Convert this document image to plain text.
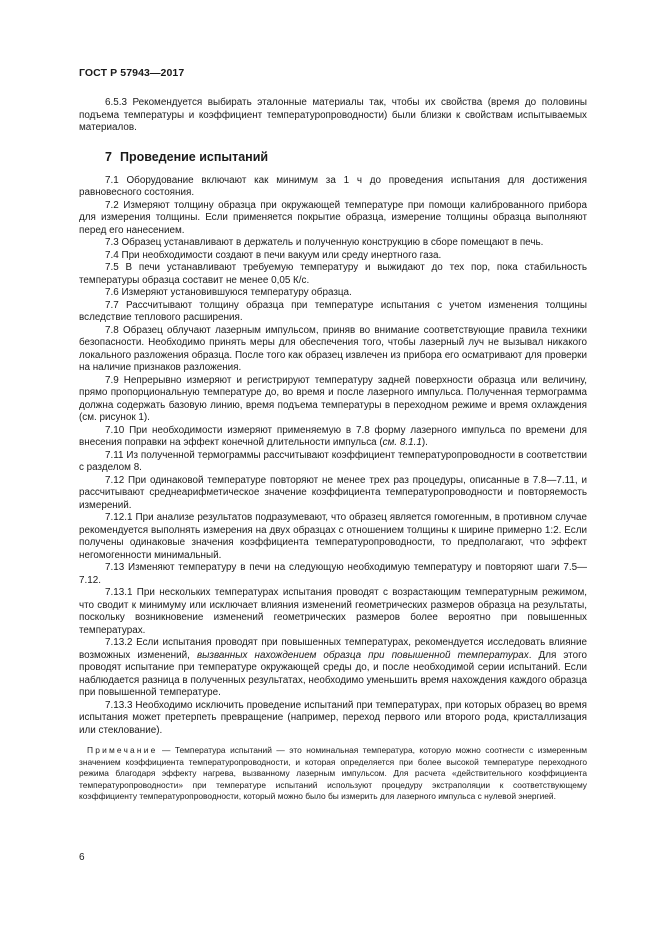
ГОСТ Р 57943—2017

6.5.3 Рекомендуется выбирать эталонные материалы так, чтобы их свойства (время до половины подъема температуры и коэффициент температуропроводности) были близки к свойствам испытываемых материалов.

7 Проведение испытаний

7.1 Оборудование включают как минимум за 1 ч до проведения испытания для достижения равновесного состояния.

7.2 Измеряют толщину образца при окружающей температуре при помощи калиброванного прибора для измерения толщины. Если применяется покрытие образца, измерение толщины образца выполняют перед его нанесением.

7.3 Образец устанавливают в держатель и полученную конструкцию в сборе помещают в печь.

7.4 При необходимости создают в печи вакуум или среду инертного газа.

7.5 В печи устанавливают требуемую температуру и выжидают до тех пор, пока стабильность температуры образца составит не менее 0,05 К/с.

7.6 Измеряют установившуюся температуру образца.

7.7 Рассчитывают толщину образца при температуре испытания с учетом изменения толщины вследствие теплового расширения.

7.8 Образец облучают лазерным импульсом, приняв во внимание соответствующие правила техники безопасности. Необходимо принять меры для обеспечения того, чтобы лазерный луч не вызывал никакого локального разложения образца. После того как образец извлечен из прибора его осматривают для проверки на наличие признаков разложения.

7.9 Непрерывно измеряют и регистрируют температуру задней поверхности образца или величину, прямо пропорциональную температуре до, во время и после лазерного импульса. Полученная термограмма должна содержать базовую линию, время подъема температуры в переходном режиме и время охлаждения (см. рисунок 1).

7.10 При необходимости измеряют применяемую в 7.8 форму лазерного импульса по времени для внесения поправки на эффект конечной длительности импульса (см. 8.1.1).

7.11 Из полученной термограммы рассчитывают коэффициент температуропроводности в соответствии с разделом 8.

7.12 При одинаковой температуре повторяют не менее трех раз процедуры, описанные в 7.8—7.11, и рассчитывают среднеарифметическое значение коэффициента температуропроводности и повторяемость измерений.

7.12.1 При анализе результатов подразумевают, что образец является гомогенным, в противном случае рекомендуется выполнять измерения на двух образцах с отношением толщины к ширине примерно 1:2. Если получены одинаковые значения коэффициента температуропроводности, то предполагают, что эффект негомогенности минимальный.

7.13 Изменяют температуру в печи на следующую необходимую температуру и повторяют шаги 7.5—7.12.

7.13.1 При нескольких температурах испытания проводят с возрастающим температурным режимом, что сводит к минимуму или исключает влияния изменений геометрических размеров образца на результаты, поскольку возникновение изменений геометрических размеров более вероятно при повышенных температурах.

7.13.2 Если испытания проводят при повышенных температурах, рекомендуется исследовать влияние возможных изменений, вызванных нахождением образца при повышенной температурах. Для этого проводят испытание при температуре окружающей среды до, и после необходимой серии испытаний. Если наблюдается разница в полученных результатах, необходимо уменьшить время нахождения каждого образца при повышенной температуре.

7.13.3 Необходимо исключить проведение испытаний при температурах, при которых образец во время испытания может претерпеть превращение (например, переход первого или второго рода, кристаллизация или стеклование).

Примечание — Температура испытаний — это номинальная температура, которую можно соотнести с измеренным значением коэффициента температуропроводности, и которая определяется при более высокой температуре переходного режима благодаря эффекту нагрева, вызванному лазерным импульсом. Для расчета «действительного коэффициента температуропроводности» при температуре испытаний используют процедуру экстраполяции к соответствующему коэффициенту температуропроводности, который можно было бы измерить для лазерного импульса с нулевой энергией.

6
